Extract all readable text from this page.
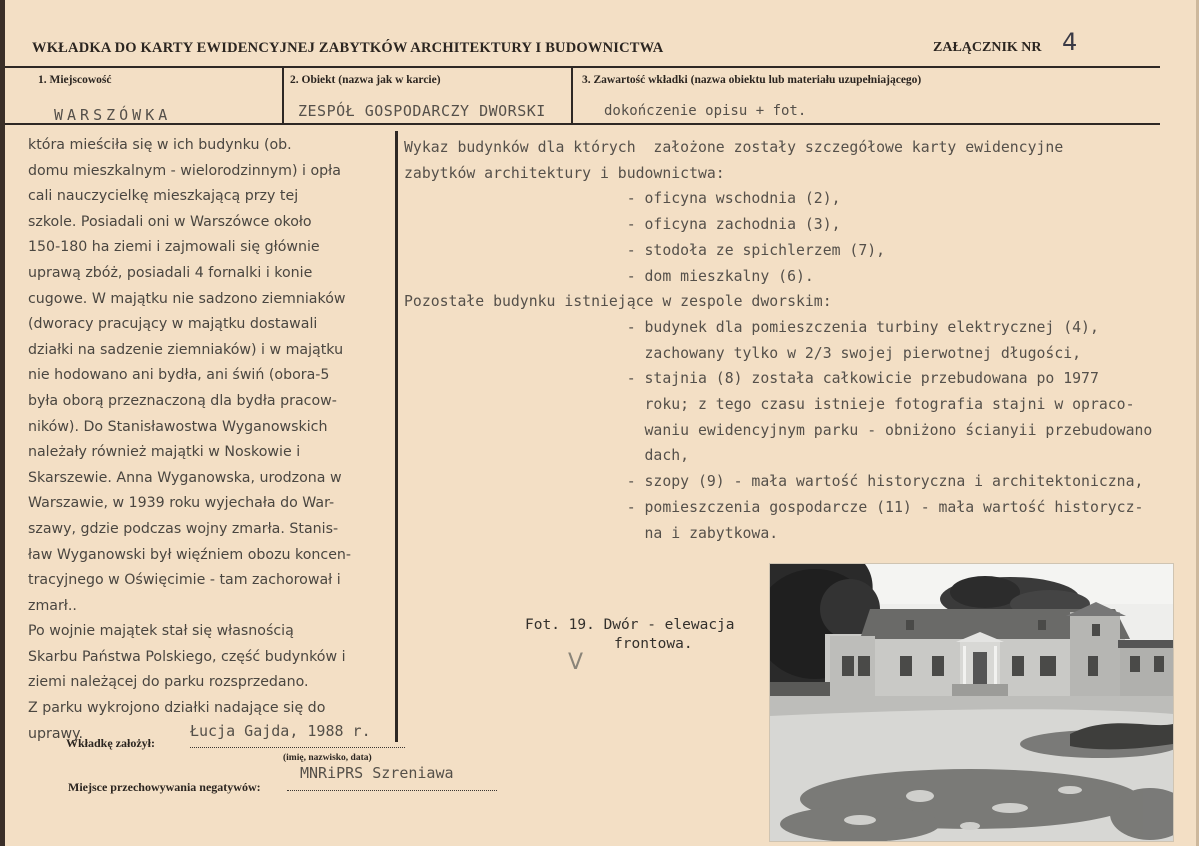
WKŁADKA DO KARTY EWIDENCYJNEJ ZABYTKÓW ARCHITEKTURY I BUDOWNICTWA	ZAŁĄCZNIK NR 4
1. Miejscowość	2. Obiekt (nazwa jak w karcie)	3. Zawartość wkładki (nazwa obiektu lub materiału uzupełniającego)
WARSZÓWKA	ZESPÓŁ GOSPODARCZY DWORSKI	dokończenie opisu + fot.
która mieściła się w ich budynku (ob.
domu mieszkalnym - wielorodzinnym) i opła
cali nauczycielkę mieszkającą przy tej
szkole. Posiadali oni w Warszówce około
150-180 ha ziemi i zajmowali się głównie
uprawą zbóż, posiadali 4 fornalki i konie
cugowe. W majątku nie sadzono ziemniaków
(dworacy pracujący w majątku dostawali
działki na sadzenie ziemniaków) i w majątku
nie hodowano ani bydła, ani świń (obora-5
była oborą przeznaczoną dla bydła pracow-
ników). Do Stanisławostwa Wyganowskich
należały również majątki w Noskowie i
Skarszewie. Anna Wyganowska, urodzona w
Warszawie, w 1939 roku wyjechała do War-
szawy, gdzie podczas wojny zmarła. Stanis-
ław Wyganowski był więźniem obozu koncen-
tracyjnego w Oświęcimie - tam zachorował i
zmarł..
Po wojnie majątek stał się własnością
Skarbu Państwa Polskiego, część budynków i
ziemi należącej do parku rozsprzedano.
Z parku wykrojono działki nadające się do
uprawy.
Wykaz budynków dla których  założone zostały szczegółowe karty ewidencyjne
zabytków architektury i budownictwa:
- oficyna wschodnia (2),
- oficyna zachodnia (3),
- stodoła ze spichlerzem (7),
- dom mieszkalny (6).
Pozostałe budynku istniejące w zespole dworskim:
- budynek dla pomieszczenia turbiny elektrycznej (4),
zachowany tylko w 2/3 swojej pierwotnej długości,
- stajnia (8) została całkowicie przebudowana po 1977
roku; z tego czasu istnieje fotografia stajni w opraco-
waniu ewidencyjnym parku - obniżono ścianyii przebudowano
dach,
- szopy (9) - mała wartość historyczna i architektoniczna,
- pomieszczenia gospodarcze (11) - mała wartość historycz-
na i zabytkowa.
Fot. 19. Dwór - elewacja
frontowa.
V
Wkładkę założył:
Łucja Gajda, 1988 r.
(imię, nazwisko, data)
Miejsce przechowywania negatywów:
MNRiPRS Szreniawa
